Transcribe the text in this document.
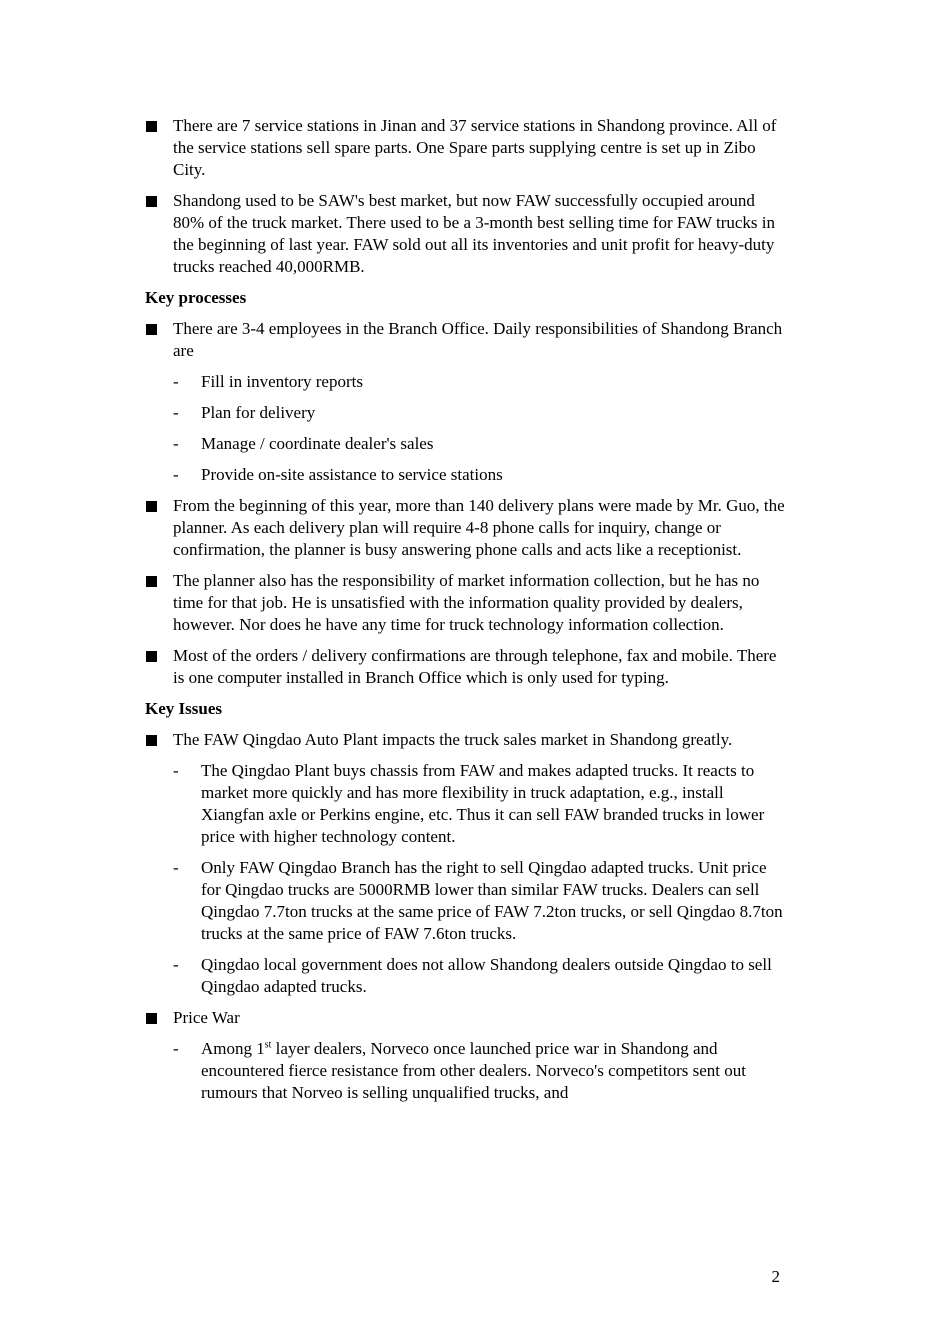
There are 7 service stations in Jinan and 37 service stations in Shandong province. All of the service stations sell spare parts. One Spare parts supplying centre is set up in Zibo City.
Shandong used to be SAW's best market, but now FAW successfully occupied around 80% of the truck market. There used to be a 3-month best selling time for FAW trucks in the beginning of last year. FAW sold out all its inventories and unit profit for heavy-duty trucks reached 40,000RMB.
Key processes
There are 3-4 employees in the Branch Office. Daily responsibilities of Shandong Branch are
- Fill in inventory reports
- Plan for delivery
- Manage / coordinate dealer's sales
- Provide on-site assistance to service stations
From the beginning of this year, more than 140 delivery plans were made by Mr. Guo, the planner. As each delivery plan will require 4-8 phone calls for inquiry, change or confirmation, the planner is busy answering phone calls and acts like a receptionist.
The planner also has the responsibility of market information collection, but he has no time for that job. He is unsatisfied with the information quality provided by dealers, however. Nor does he have any time for truck technology information collection.
Most of the orders / delivery confirmations are through telephone, fax and mobile. There is one computer installed in Branch Office which is only used for typing.
Key Issues
The FAW Qingdao Auto Plant impacts the truck sales market in Shandong greatly.
- The Qingdao Plant buys chassis from FAW and makes adapted trucks. It reacts to market more quickly and has more flexibility in truck adaptation, e.g., install Xiangfan axle or Perkins engine, etc. Thus it can sell FAW branded trucks in lower price with higher technology content.
- Only FAW Qingdao Branch has the right to sell Qingdao adapted trucks. Unit price for Qingdao trucks are 5000RMB lower than similar FAW trucks. Dealers can sell Qingdao 7.7ton trucks at the same price of FAW 7.2ton trucks, or sell Qingdao 8.7ton trucks at the same price of FAW 7.6ton trucks.
- Qingdao local government does not allow Shandong dealers outside Qingdao to sell Qingdao adapted trucks.
Price War
- Among 1st layer dealers, Norveco once launched price war in Shandong and encountered fierce resistance from other dealers. Norveco's competitors sent out rumours that Norveo is selling unqualified trucks, and
2
